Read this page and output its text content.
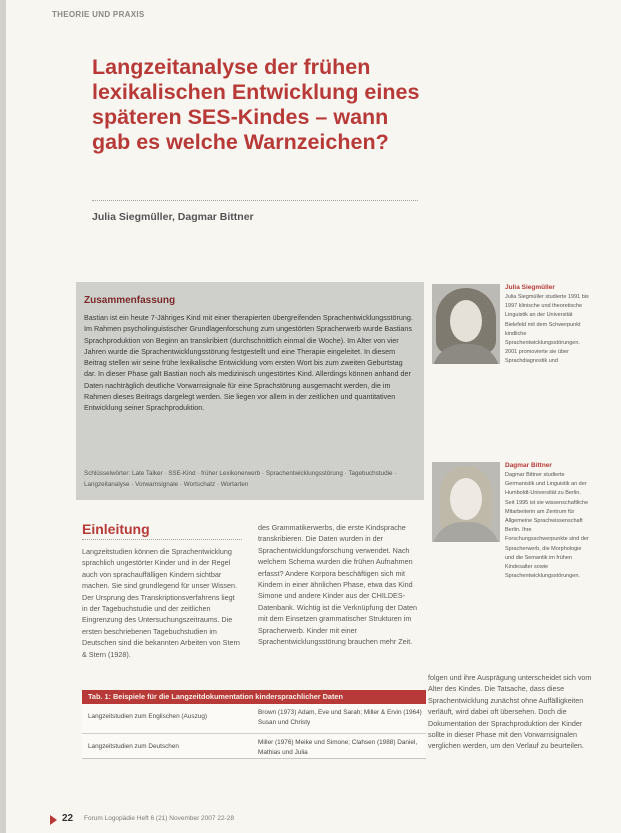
THEORIE UND PRAXIS
Langzeitanalyse der frühen lexikalischen Entwicklung eines späteren SES-Kindes – wann gab es welche Warnzeichen?
Julia Siegmüller, Dagmar Bittner
Zusammenfassung

Bastian ist ein heute 7-Jähriges Kind mit einer therapierten übergreifenden Sprachentwicklungsstörung. Im Rahmen psycholinguistischer Grundlagenforschung zum ungestörten Spracherwerb wurde Bastians Sprachproduktion von Beginn an transkribiert (durchschnittlich einmal die Woche). Im Alter von vier Jahren wurde die Sprachentwicklungsstörung festgestellt und eine Therapie eingeleitet. In diesem Beitrag stellen wir seine frühe lexikalische Entwicklung vom ersten Wort bis zum zweiten Geburtstag dar. In dieser Phase galt Bastian noch als medizinisch ungestörtes Kind. Allerdings können anhand der Daten nachträglich deutliche Vorwarnsignale für eine Sprachstörung ausgemacht werden, die im Rahmen dieses Beitrags dargelegt werden. Sie liegen vor allem in der zeitlichen und quantitativen Entwicklung seiner Sprachproduktion.

Schlüsselwörter: Late Talker · SSE-Kind · früher Lexikonerwerb · Sprachentwicklungsstörung · Tagebuchstudie · Langzeitanalyse · Vorwarnsignale · Wortschatz · Wortarten

Julia Siegmüller

Julia Siegmüller studierte 1991 bis 1997 klinische und theoretische Linguistik an der Universität Bielefeld mit dem Schwerpunkt kindliche Sprachentwicklungsstörungen. 2001 promovierte sie über Sprachdiagnostik und

Dagmar Bittner

Dagmar Bittner studierte Germanistik und Linguistik an der Humboldt-Universität zu Berlin. Seit 1995 ist sie wissenschaftliche Mitarbeiterin am Zentrum für Allgemeine Sprachwissenschaft Berlin. Ihre Forschungsschwerpunkte sind der Spracherwerb, die Morphologie und die Semantik im frühen Kindesalter sowie Sprachentwicklungsstörungen.

Einleitung

Langzeitstudien können die Sprachentwicklung sprachlich ungestörter Kinder und in der Regel auch von sprachauffälligen Kindern sichtbar machen. Sie sind grundlegend für unser Wissen. Der Ursprung des Transkriptionsverfahrens liegt in der Tagebuchstudie und der zeitlichen Eingrenzung des Untersuchungszeitraums. Die ersten beschriebenen Tagebuchstudien im Deutschen sind die bekannten Arbeiten von Stern & Stern (1928).

des Grammatikerwerbs, die erste Kindsprache transkribieren. Die Daten wurden in der Sprachentwicklungsforschung verwendet. Nach welchem Schema wurden die frühen Aufnahmen erfasst? Andere Korpora beschäftigen sich mit Kindern in einer ähnlichen Phase, etwa das Kind Simone und andere Kinder aus der CHILDES-Datenbank. Wichtig ist die Verknüpfung der Daten mit dem Einsetzen grammatischer Strukturen im Spracherwerb. Kinder mit einer Sprachentwicklungsstörung brauchen mehr Zeit.

folgen und ihre Ausprägung unterscheidet sich vom Alter des Kindes. Die Tatsache, dass diese Sprachentwicklung zunächst ohne Auffälligkeiten verläuft, wird dabei oft übersehen. Doch die Dokumentation der Sprachproduktion der Kinder sollte in dieser Phase mit den Vorwarnsignalen verglichen werden, um den Verlauf zu beurteilen.

Tab. 1: Beispiele für die Langzeitdokumentation kindersprachlicher Daten

Langzeitstudien zum Englischen (Auszug)

Brown (1973) Adam, Eve und Sarah; Miller & Ervin (1964) Susan und Christy

Langzeitstudien zum Deutschen

Miller (1976) Meike und Simone; Clahsen (1988) Daniel, Mathias und Julia

22 Forum Logopädie Heft 6 (21) November 2007 22-28
